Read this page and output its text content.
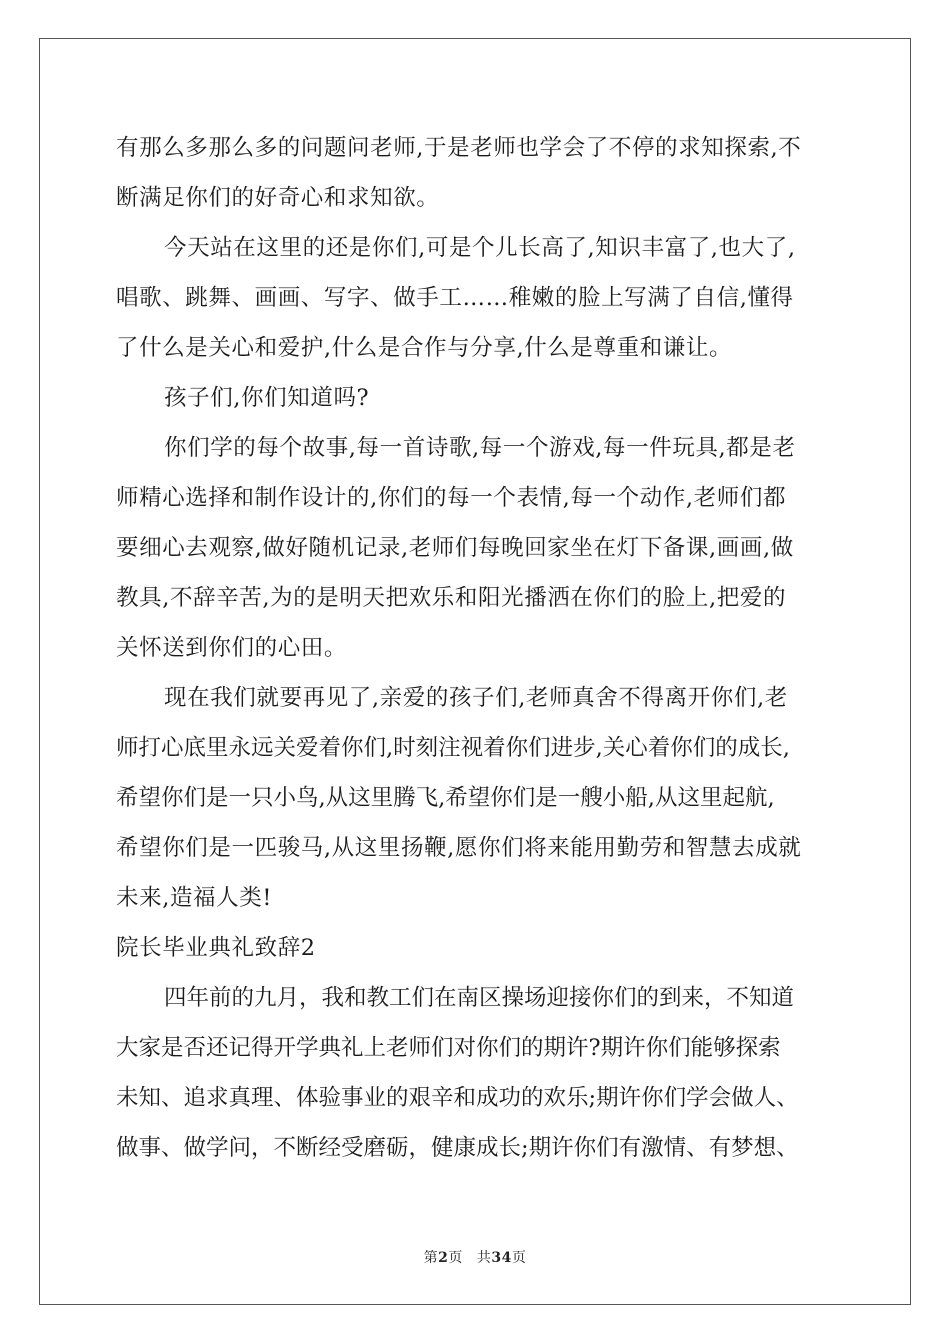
有那么多那么多的问题问老师,于是老师也学会了不停的求知探索,不
断满足你们的好奇心和求知欲。
今天站在这里的还是你们,可是个儿长高了,知识丰富了,也大了,
唱歌、跳舞、画画、写字、做手工……稚嫩的脸上写满了自信,懂得
了什么是关心和爱护,什么是合作与分享,什么是尊重和谦让。
孩子们,你们知道吗?
你们学的每个故事,每一首诗歌,每一个游戏,每一件玩具,都是老
师精心选择和制作设计的,你们的每一个表情,每一个动作,老师们都
要细心去观察,做好随机记录,老师们每晚回家坐在灯下备课,画画,做
教具,不辞辛苦,为的是明天把欢乐和阳光播洒在你们的脸上,把爱的
关怀送到你们的心田。
现在我们就要再见了,亲爱的孩子们,老师真舍不得离开你们,老
师打心底里永远关爱着你们,时刻注视着你们进步,关心着你们的成长,
希望你们是一只小鸟,从这里腾飞,希望你们是一艘小船,从这里起航,
希望你们是一匹骏马,从这里扬鞭,愿你们将来能用勤劳和智慧去成就
未来,造福人类!
院长毕业典礼致辞2
四年前的九月，我和教工们在南区操场迎接你们的到来，不知道
大家是否还记得开学典礼上老师们对你们的期许?期许你们能够探索
未知、追求真理、体验事业的艰辛和成功的欢乐;期许你们学会做人、
做事、做学问，不断经受磨砺，健康成长;期许你们有激情、有梦想、
第2页 共34页
